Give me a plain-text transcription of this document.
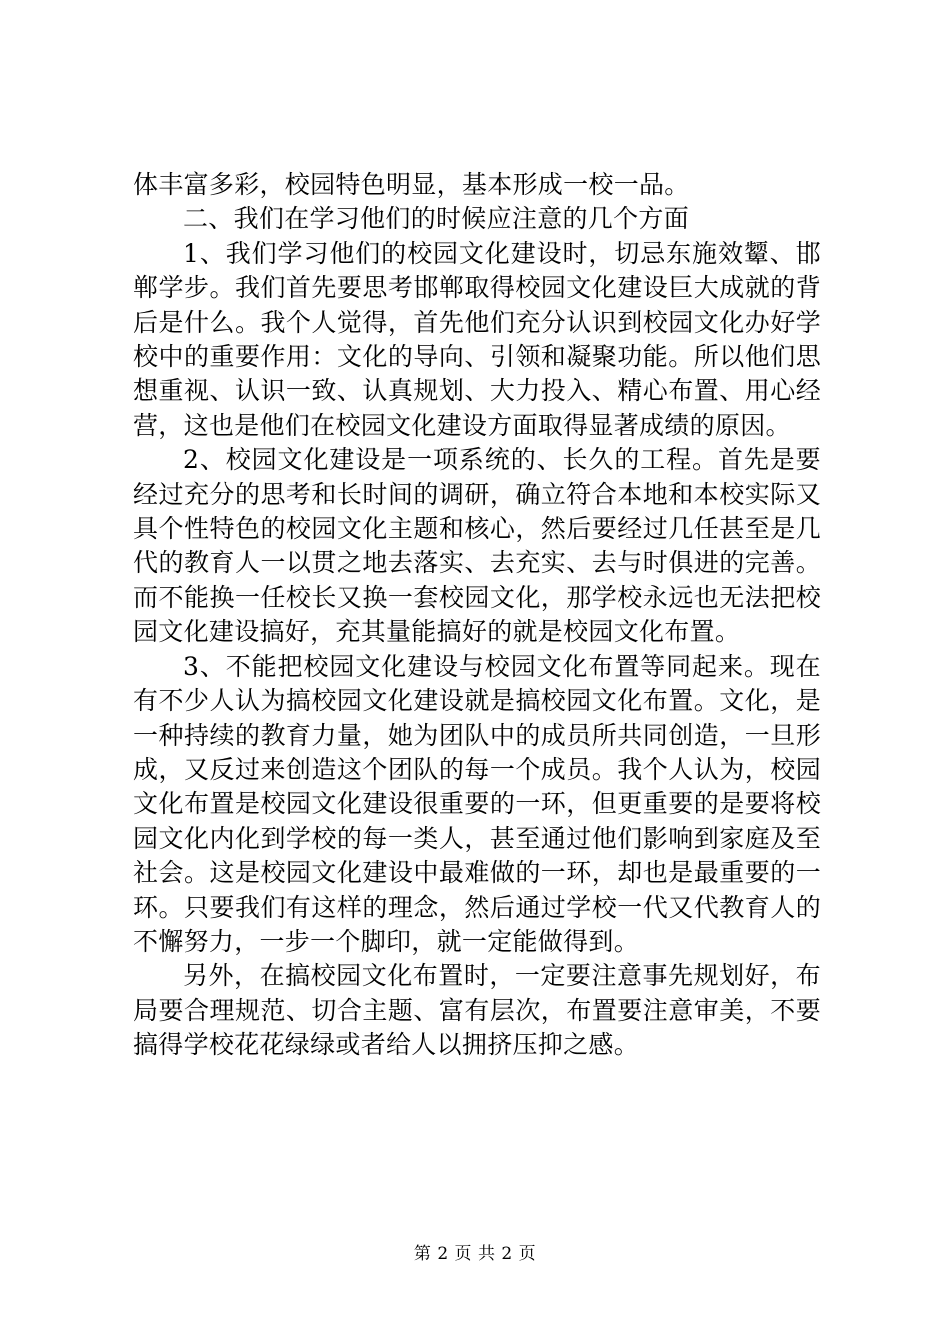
体丰富多彩，校园特色明显，基本形成一校一品。

二、我们在学习他们的时候应注意的几个方面

1、我们学习他们的校园文化建设时，切忌东施效颦、邯郸学步。我们首先要思考邯郸取得校园文化建设巨大成就的背后是什么。我个人觉得，首先他们充分认识到校园文化办好学校中的重要作用：文化的导向、引领和凝聚功能。所以他们思想重视、认识一致、认真规划、大力投入、精心布置、用心经营，这也是他们在校园文化建设方面取得显著成绩的原因。

2、校园文化建设是一项系统的、长久的工程。首先是要经过充分的思考和长时间的调研，确立符合本地和本校实际又具个性特色的校园文化主题和核心，然后要经过几任甚至是几代的教育人一以贯之地去落实、去充实、去与时俱进的完善。而不能换一任校长又换一套校园文化，那学校永远也无法把校园文化建设搞好，充其量能搞好的就是校园文化布置。

3、不能把校园文化建设与校园文化布置等同起来。现在有不少人认为搞校园文化建设就是搞校园文化布置。文化，是一种持续的教育力量，她为团队中的成员所共同创造，一旦形成，又反过来创造这个团队的每一个成员。我个人认为，校园文化布置是校园文化建设很重要的一环，但更重要的是要将校园文化内化到学校的每一类人，甚至通过他们影响到家庭及至社会。这是校园文化建设中最难做的一环，却也是最重要的一环。只要我们有这样的理念，然后通过学校一代又代教育人的不懈努力，一步一个脚印，就一定能做得到。

另外，在搞校园文化布置时，一定要注意事先规划好，布局要合理规范、切合主题、富有层次，布置要注意审美，不要搞得学校花花绿绿或者给人以拥挤压抑之感。

第 2 页 共 2 页
